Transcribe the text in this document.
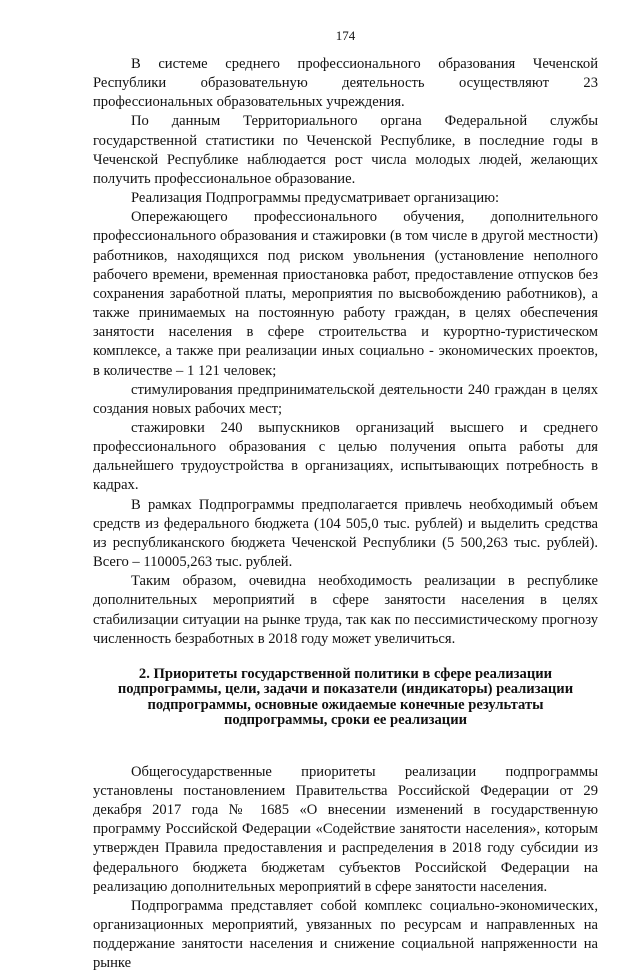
174

В системе среднего профессионального образования Чеченской Республики образовательную деятельность осуществляют 23 профессиональных образовательных учреждения.

По данным Территориального органа Федеральной службы государственной статистики по Чеченской Республике, в последние годы в Чеченской Республике наблюдается рост числа молодых людей, желающих получить профессиональное образование.

Реализация Подпрограммы предусматривает организацию:

Опережающего профессионального обучения, дополнительного профессионального образования и стажировки (в том числе в другой местности) работников, находящихся под риском увольнения (установление неполного рабочего времени, временная приостановка работ, предоставление отпусков без сохранения заработной платы, мероприятия по высвобождению работников), а также принимаемых на постоянную работу граждан, в целях обеспечения занятости населения в сфере строительства и курортно-туристическом комплексе, а также при реализации иных социально - экономических проектов, в количестве – 1 121 человек;

стимулирования предпринимательской деятельности 240 граждан в целях создания новых рабочих мест;

стажировки 240 выпускников организаций высшего и среднего профессионального образования с целью получения опыта работы для дальнейшего трудоустройства в организациях, испытывающих потребность в кадрах.

В рамках Подпрограммы предполагается привлечь необходимый объем средств из федерального бюджета (104 505,0 тыс. рублей) и выделить средства из республиканского бюджета Чеченской Республики (5 500,263 тыс. рублей). Всего – 110005,263 тыс. рублей.

Таким образом, очевидна необходимость реализации в республике дополнительных мероприятий в сфере занятости населения в целях стабилизации ситуации на рынке труда, так как по пессимистическому прогнозу численность безработных в 2018 году может увеличиться.

2. Приоритеты государственной политики в сфере реализации
подпрограммы, цели, задачи и показатели (индикаторы) реализации
подпрограммы, основные ожидаемые конечные результаты
подпрограммы, сроки ее реализации

Общегосударственные приоритеты реализации подпрограммы установлены постановлением Правительства Российской Федерации от 29 декабря 2017 года № 1685 «О внесении изменений в государственную программу Российской Федерации «Содействие занятости населения», которым утвержден Правила предоставления и распределения в 2018 году субсидии из федерального бюджета бюджетам субъектов Российской Федерации на реализацию дополнительных мероприятий в сфере занятости населения.

Подпрограмма представляет собой комплекс социально-экономических, организационных мероприятий, увязанных по ресурсам и направленных на поддержание занятости населения и снижение социальной напряженности на рынке
